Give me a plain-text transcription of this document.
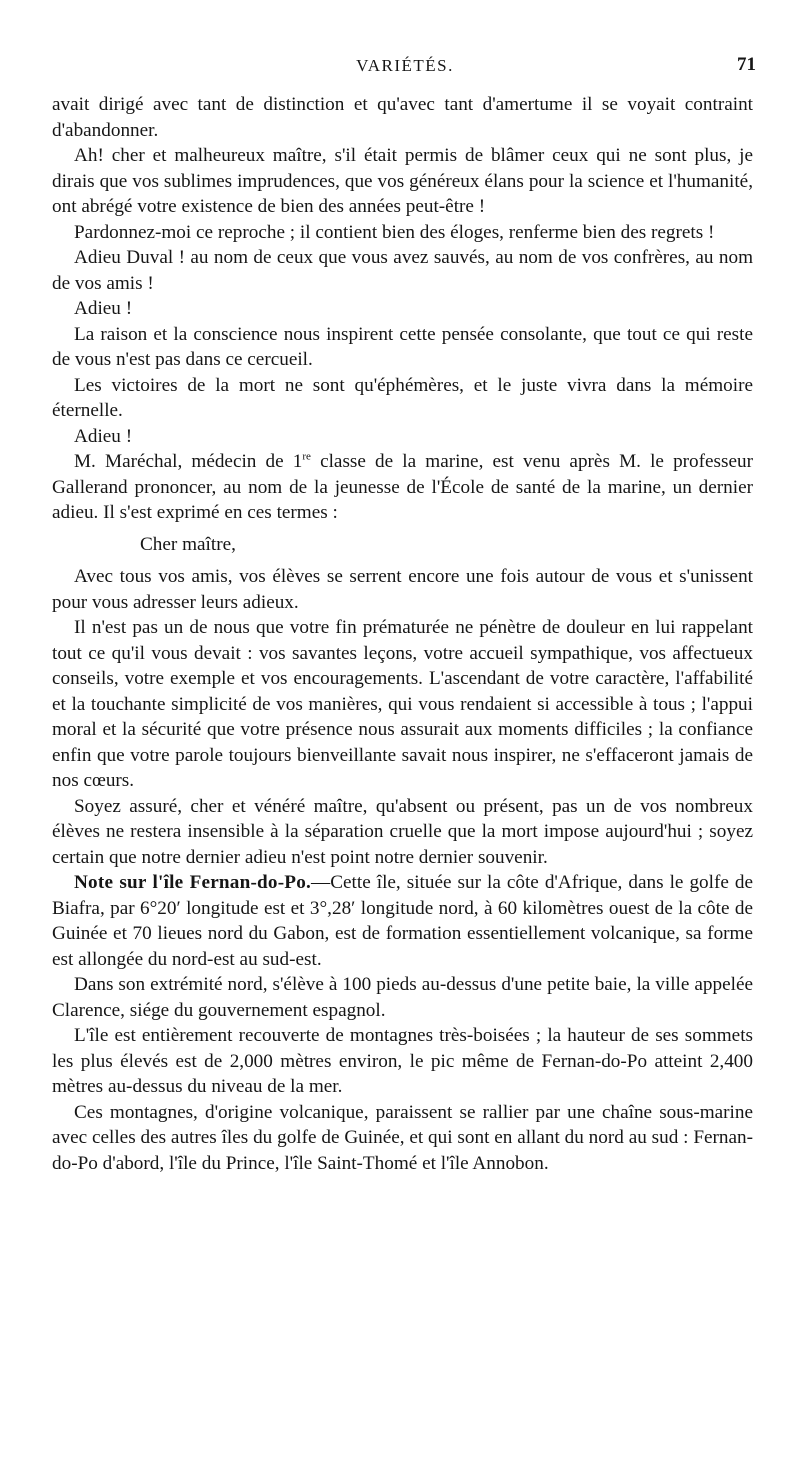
VARIÉTÉS.	71

avait dirigé avec tant de distinction et qu'avec tant d'amertume il se voyait contraint d'abandonner.

Ah! cher et malheureux maître, s'il était permis de blâmer ceux qui ne sont plus, je dirais que vos sublimes imprudences, que vos généreux élans pour la science et l'humanité, ont abrégé votre existence de bien des années peut-être !

Pardonnez-moi ce reproche ; il contient bien des éloges, renferme bien des regrets !

Adieu Duval ! au nom de ceux que vous avez sauvés, au nom de vos confrères, au nom de vos amis !

Adieu !

La raison et la conscience nous inspirent cette pensée consolante, que tout ce qui reste de vous n'est pas dans ce cercueil.

Les victoires de la mort ne sont qu'éphémères, et le juste vivra dans la mémoire éternelle.

Adieu !

M. Maréchal, médecin de 1re classe de la marine, est venu après M. le professeur Gallerand prononcer, au nom de la jeunesse de l'École de santé de la marine, un dernier adieu. Il s'est exprimé en ces termes :

Cher maître,

Avec tous vos amis, vos élèves se serrent encore une fois autour de vous et s'unissent pour vous adresser leurs adieux.

Il n'est pas un de nous que votre fin prématurée ne pénètre de douleur en lui rappelant tout ce qu'il vous devait : vos savantes leçons, votre accueil sympathique, vos affectueux conseils, votre exemple et vos encouragements. L'ascendant de votre caractère, l'affabilité et la touchante simplicité de vos manières, qui vous rendaient si accessible à tous ; l'appui moral et la sécurité que votre présence nous assurait aux moments difficiles ; la confiance enfin que votre parole toujours bienveillante savait nous inspirer, ne s'effaceront jamais de nos cœurs.

Soyez assuré, cher et vénéré maître, qu'absent ou présent, pas un de vos nombreux élèves ne restera insensible à la séparation cruelle que la mort impose aujourd'hui ; soyez certain que notre dernier adieu n'est point notre dernier souvenir.

Note sur l'île Fernan-do-Po.—Cette île, située sur la côte d'Afrique, dans le golfe de Biafra, par 6°20′ longitude est et 3°,28′ longitude nord, à 60 kilomètres ouest de la côte de Guinée et 70 lieues nord du Gabon, est de formation essentiellement volcanique, sa forme est allongée du nord-est au sud-est.

Dans son extrémité nord, s'élève à 100 pieds au-dessus d'une petite baie, la ville appelée Clarence, siége du gouvernement espagnol.

L'île est entièrement recouverte de montagnes très-boisées ; la hauteur de ses sommets les plus élevés est de 2,000 mètres environ, le pic même de Fernan-do-Po atteint 2,400 mètres au-dessus du niveau de la mer.

Ces montagnes, d'origine volcanique, paraissent se rallier par une chaîne sous-marine avec celles des autres îles du golfe de Guinée, et qui sont en allant du nord au sud : Fernan-do-Po d'abord, l'île du Prince, l'île Saint-Thomé et l'île Annobon.
